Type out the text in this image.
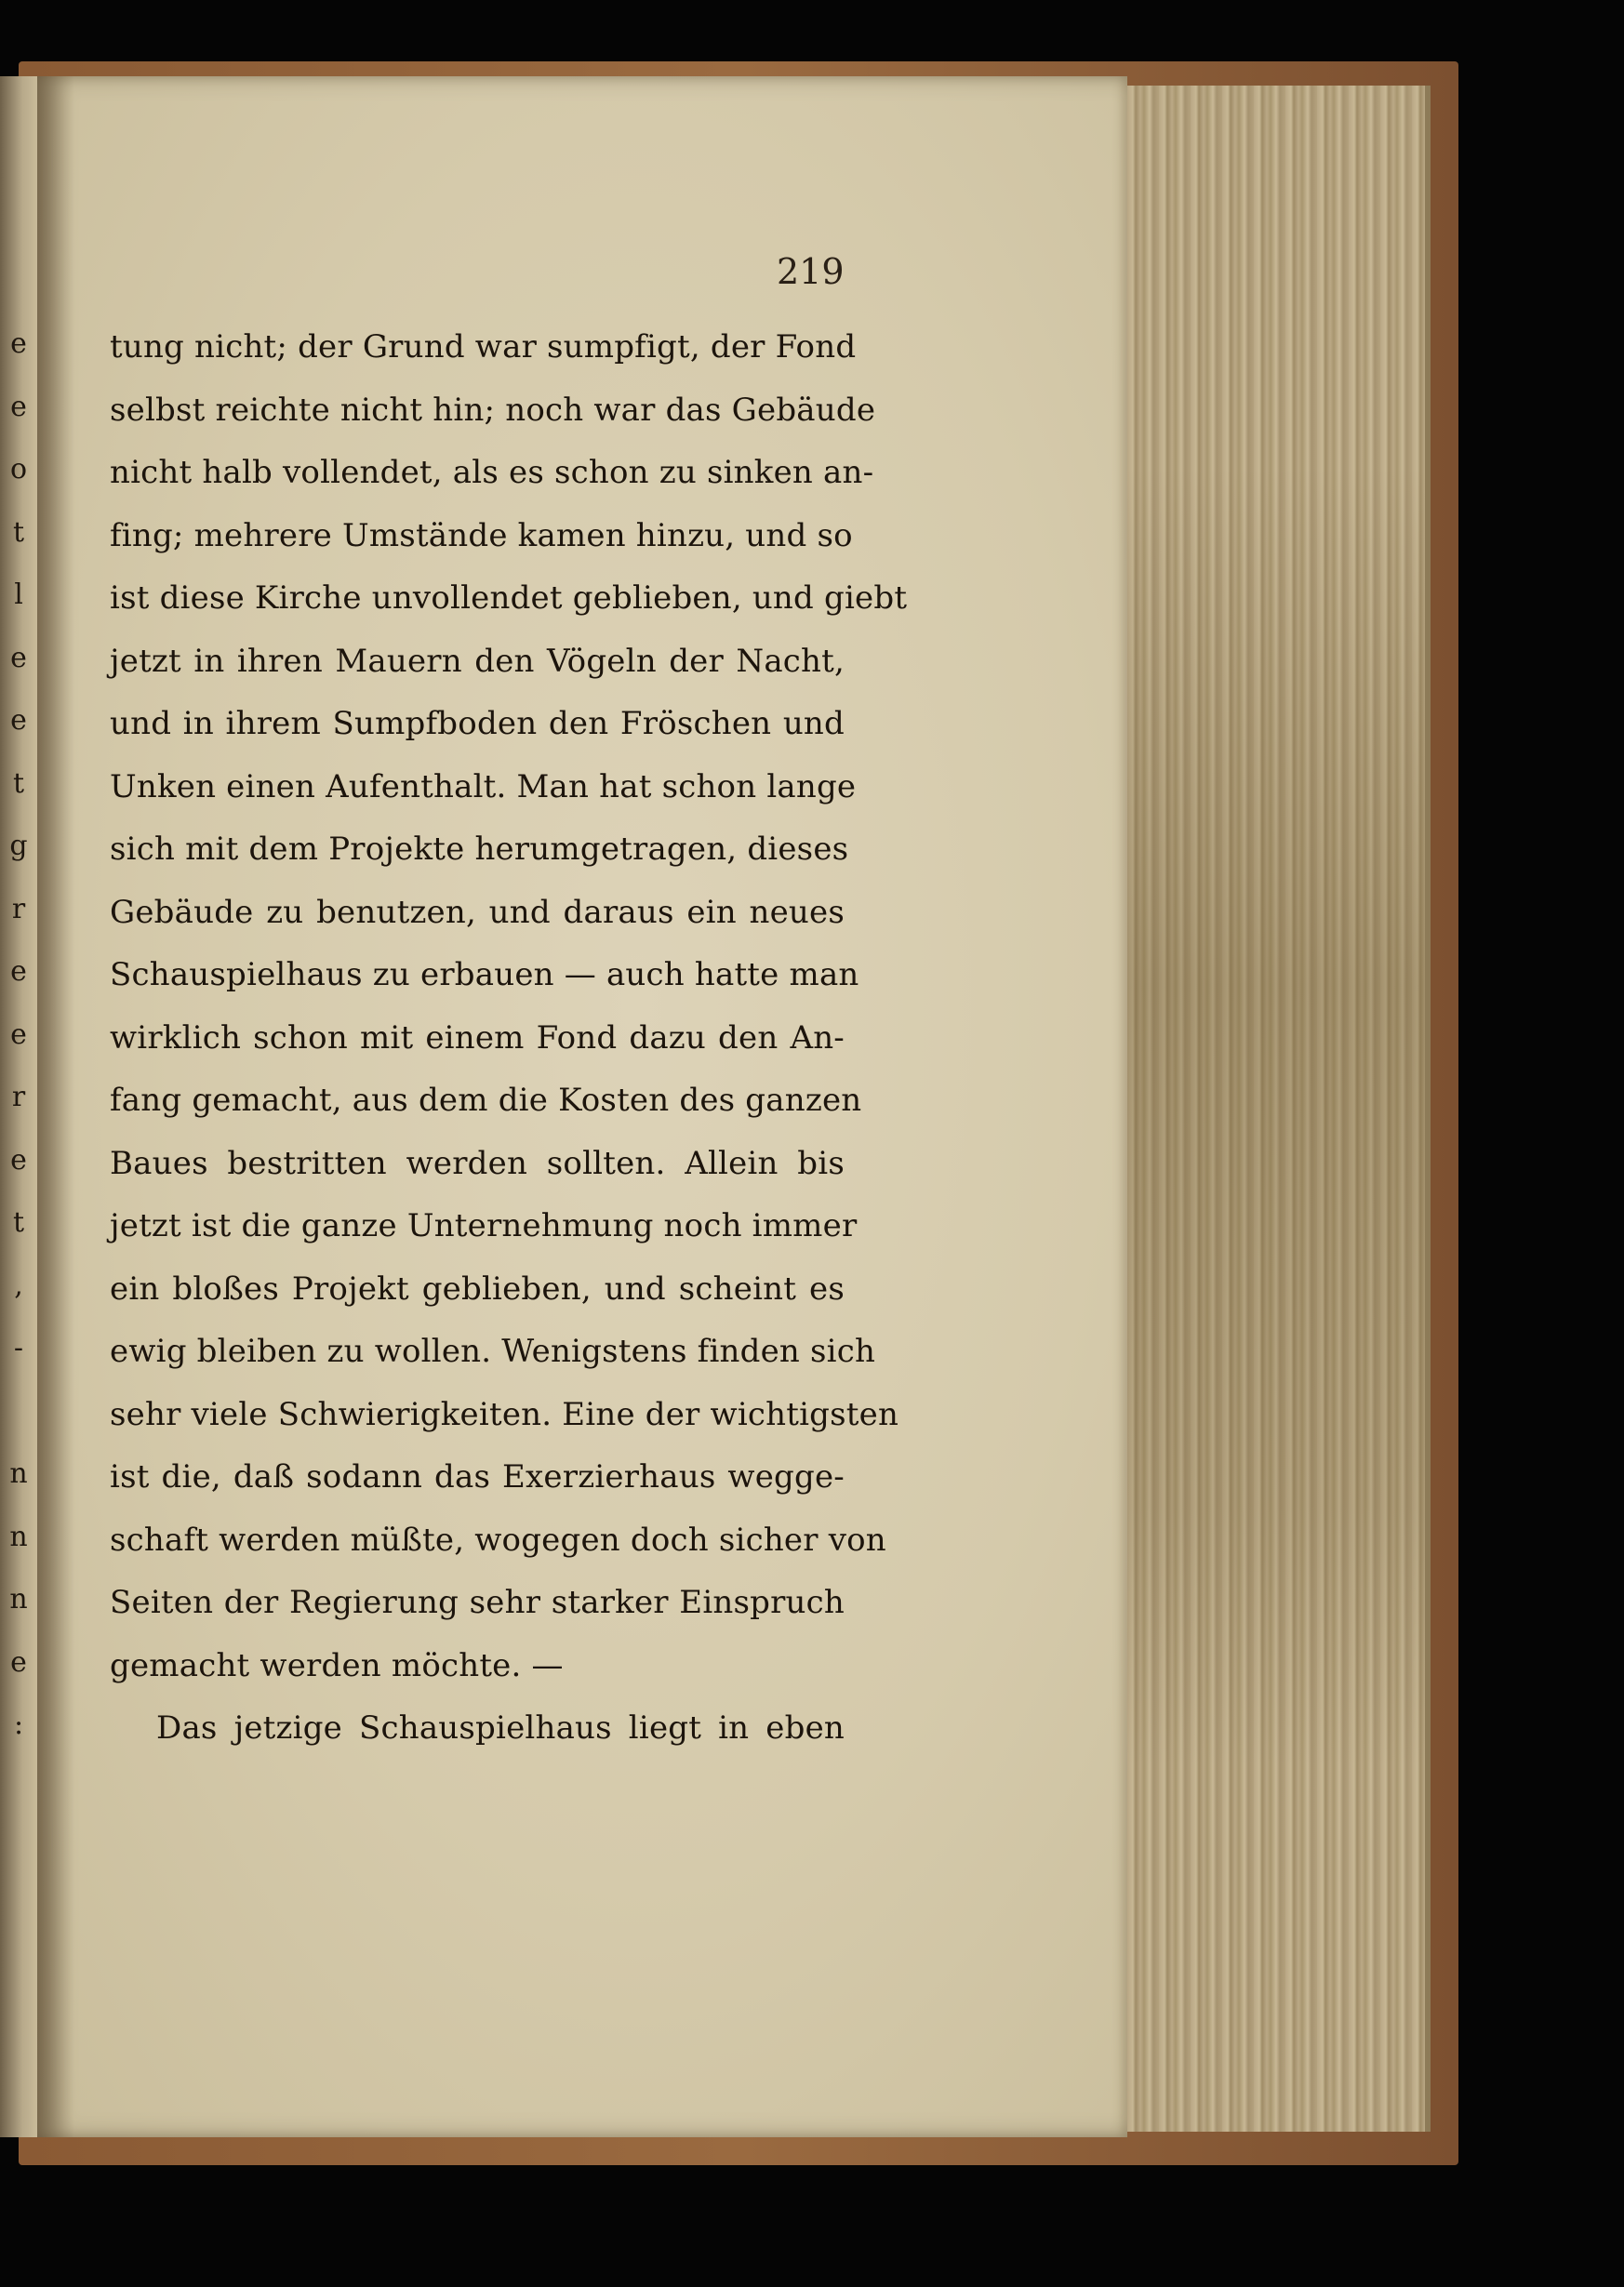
e
e
o
t
l
e
e
t
g
r
e
e
r
e
t
,
-
n
n
n
e
:
219
tung nicht; der Grund war sumpfigt, der Fond
selbst reichte nicht hin; noch war das Gebäude
nicht halb vollendet, als es schon zu sinken an-
fing; mehrere Umstände kamen hinzu, und so
ist diese Kirche unvollendet geblieben, und giebt
jetzt in ihren Mauern den Vögeln der Nacht,
und in ihrem Sumpfboden den Fröschen und
Unken einen Aufenthalt. Man hat schon lange
sich mit dem Projekte herumgetragen, dieses
Gebäude zu benutzen, und daraus ein neues
Schauspielhaus zu erbauen — auch hatte man
wirklich schon mit einem Fond dazu den An-
fang gemacht, aus dem die Kosten des ganzen
Baues bestritten werden sollten. Allein bis
jetzt ist die ganze Unternehmung noch immer
ein bloßes Projekt geblieben, und scheint es
ewig bleiben zu wollen. Wenigstens finden sich
sehr viele Schwierigkeiten. Eine der wichtigsten
ist die, daß sodann das Exerzierhaus wegge-
schaft werden müßte, wogegen doch sicher von
Seiten der Regierung sehr starker Einspruch
gemacht werden möchte. —
Das jetzige Schauspielhaus liegt in eben
